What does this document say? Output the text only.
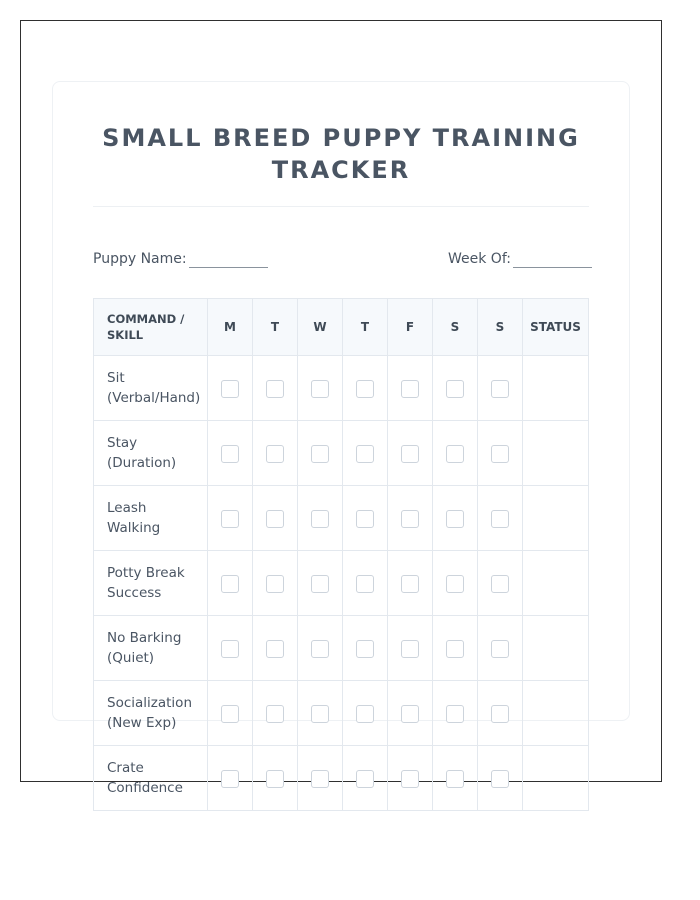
SMALL BREED PUPPY TRAINING TRACKER
Puppy Name:	Week Of:
COMMAND / SKILL	M	T	W	T	F	S	S	STATUS

Sit
(Verbal/Hand)								

Stay
(Duration)								

Leash
Walking								

Potty Break
Success								

No Barking
(Quiet)								

Socialization
(New Exp)								

Crate
Confidence								
